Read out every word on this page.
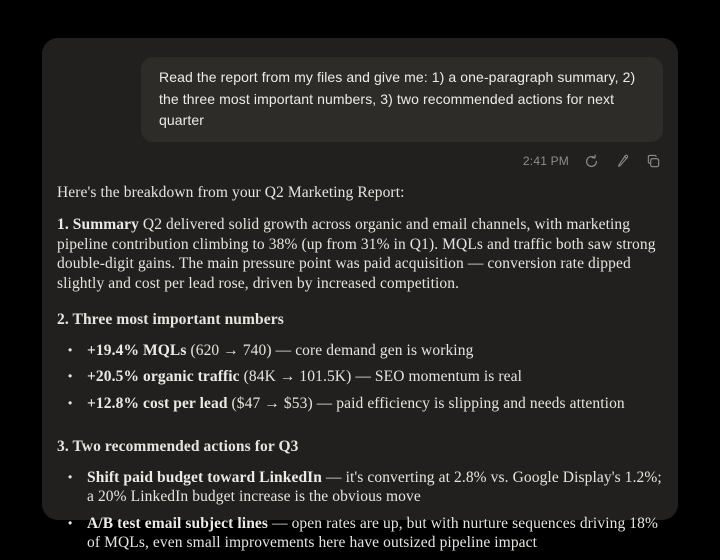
Read the report from my files and give me: 1) a one-paragraph summary, 2) the three most important numbers, 3) two recommended actions for next quarter
2:41 PM

Here's the breakdown from your Q2 Marketing Report:

1. Summary Q2 delivered solid growth across organic and email channels, with marketing pipeline contribution climbing to 38% (up from 31% in Q1). MQLs and traffic both saw strong double-digit gains. The main pressure point was paid acquisition — conversion rate dipped slightly and cost per lead rose, driven by increased competition.

2. Three most important numbers

• +19.4% MQLs (620 → 740) — core demand gen is working
• +20.5% organic traffic (84K → 101.5K) — SEO momentum is real
• +12.8% cost per lead ($47 → $53) — paid efficiency is slipping and needs attention

3. Two recommended actions for Q3

• Shift paid budget toward LinkedIn — it's converting at 2.8% vs. Google Display's 1.2%; a 20% LinkedIn budget increase is the obvious move
• A/B test email subject lines — open rates are up, but with nurture sequences driving 18% of MQLs, even small improvements here have outsized pipeline impact
